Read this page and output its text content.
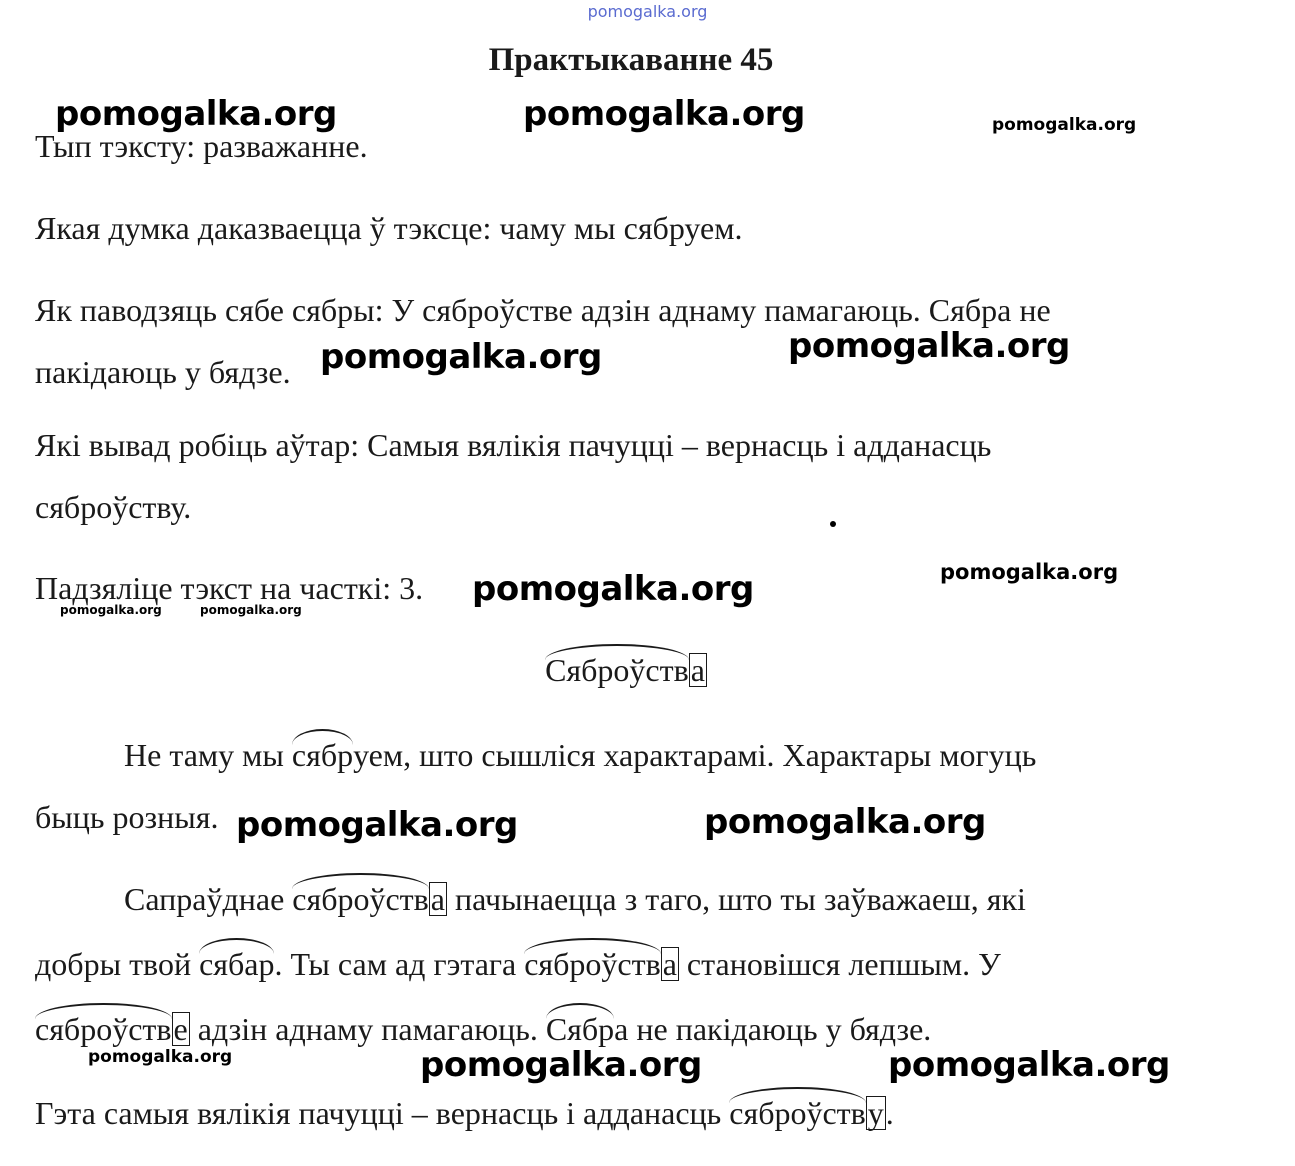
pomogalka.org
Практыкаванне 45
Тып тэксту: разважанне.
Якая думка даказваецца ў тэксце: чаму мы сябруем.
Як паводзяць сябе сябры: У сяброўстве адзін аднаму памагаюць. Сябра не
пакідаюць у бядзе.
Які вывад робіць аўтар: Самыя вялікія пачуцці – вернасць і адданасць
сяброўству.
Падзяліце тэкст на часткі: 3.
Сяброўства
Не таму мы сябруем, што сышліся характарамі. Характары могуць
быць розныя.
Сапраўднае сяброўства пачынаецца з таго, што ты заўважаеш, які
добры твой сябар. Ты сам ад гэтага сяброўства становішся лепшым. У
сяброўстве адзін аднаму памагаюць. Сябра не пакідаюць у бядзе.
Гэта самыя вялікія пачуцці – вернасць і адданасць сяброўству.
pomogalka.org	pomogalka.org	pomogalka.org
pomogalka.org	pomogalka.org
pomogalka.org
pomogalka.org
pomogalka.org	pomogalka.org
pomogalka.org	pomogalka.org
pomogalka.org	pomogalka.org	pomogalka.org
